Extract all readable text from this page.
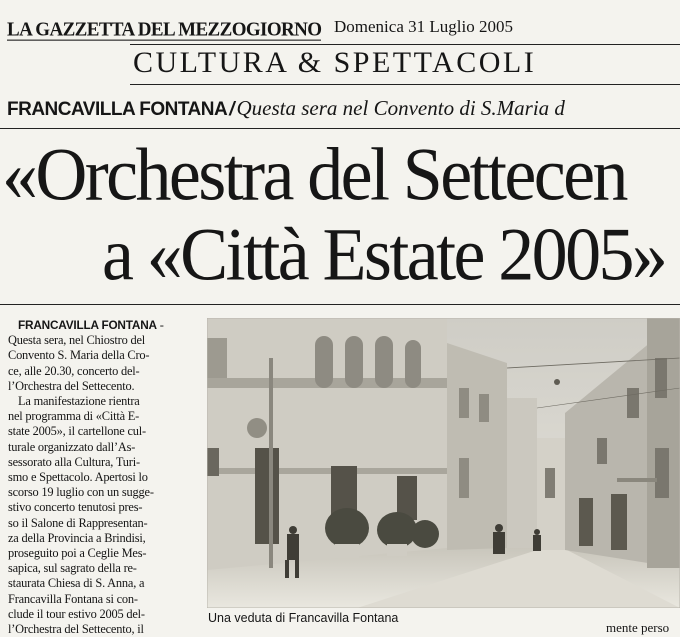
LA GAZZETTA DEL MEZZOGIORNO Domenica 31 Luglio 2005
CULTURA & SPETTACOLI
FRANCAVILLA FONTANA /Questa sera nel Convento di S.Maria d
«Orchestra del Settecen
a «Città Estate 2005»

FRANCAVILLA FONTANA -

Questa sera, nel Chiostro del

Convento S. Maria della Cro-

ce, alle 20.30, concerto del-

l’Orchestra del Settecento.

La manifestazione rientra

nel programma di «Città E-

state 2005», il cartellone cul-

turale organizzato dall’As-

sessorato alla Cultura, Turi-

smo e Spettacolo. Apertosi lo

scorso 19 luglio con un sugge-

stivo concerto tenutosi pres-

so il Salone di Rappresentan-

za della Provincia a Brindisi,

proseguito poi a Ceglie Mes-

sapica, sul sagrato della re-

staurata Chiesa di S. Anna, a

Francavilla Fontana si con-

clude il tour estivo 2005 del-

l’Orchestra del Settecento, il

Una veduta di Francavilla Fontana
mente perso
